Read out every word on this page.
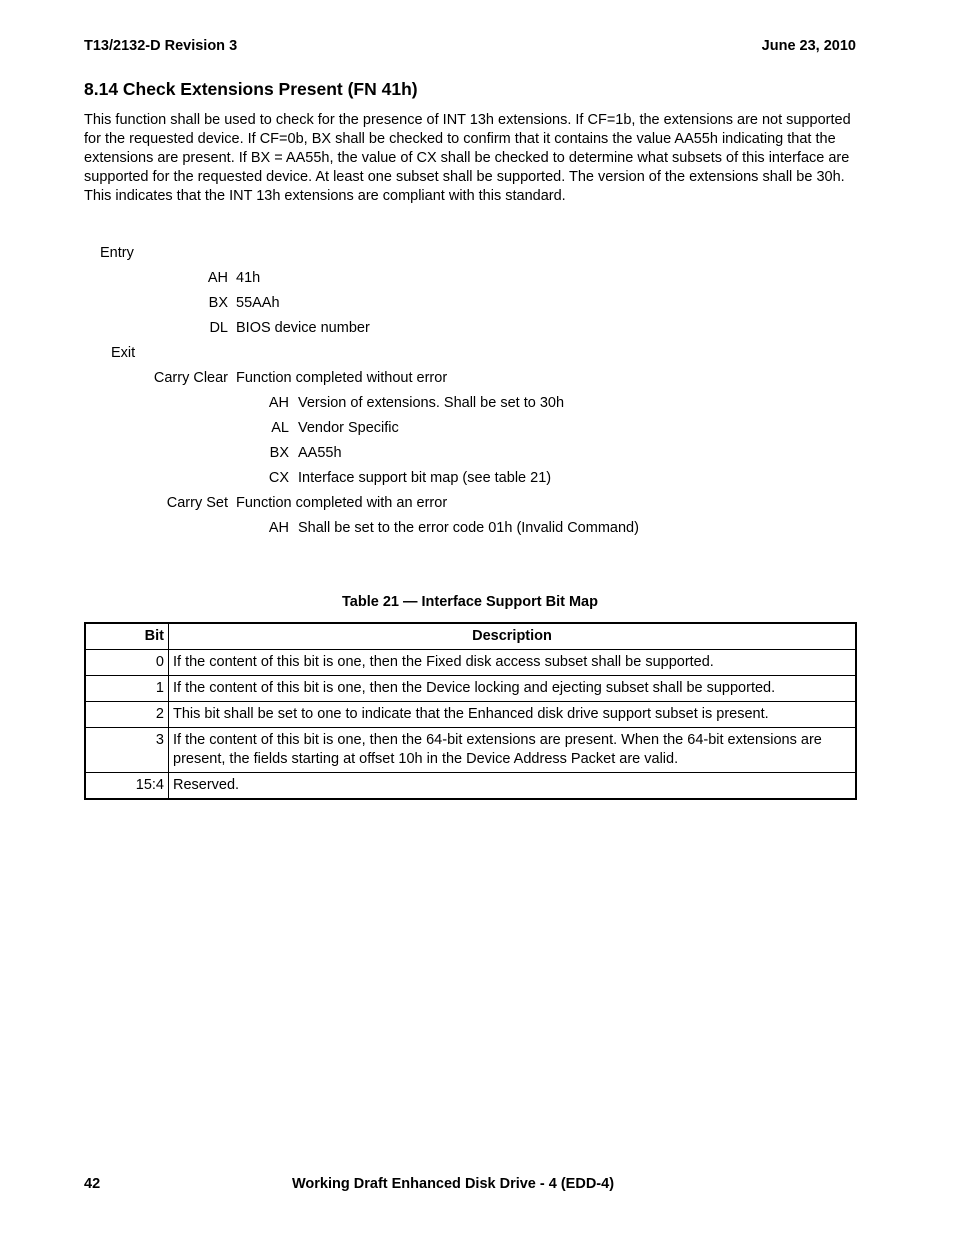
T13/2132-D Revision 3	June 23, 2010
8.14 Check Extensions Present (FN 41h)
This function shall be used to check for the presence of INT 13h extensions. If CF=1b, the extensions are not supported for the requested device. If CF=0b, BX shall be checked to confirm that it contains the value AA55h indicating that the extensions are present. If BX = AA55h, the value of CX shall be checked to determine what subsets of this interface are supported for the requested device. At least one subset shall be supported. The version of the extensions shall be 30h. This indicates that the INT 13h extensions are compliant with this standard.
Entry
AH 41h
BX 55AAh
DL BIOS device number
Exit
Carry Clear Function completed without error
AH Version of extensions. Shall be set to 30h
AL Vendor Specific
BX AA55h
CX Interface support bit map (see table 21)
Carry Set Function completed with an error
AH Shall be set to the error code 01h (Invalid Command)
Table 21 — Interface Support Bit Map
Bit	Description
0	If the content of this bit is one, then the Fixed disk access subset shall be supported.
1	If the content of this bit is one, then the Device locking and ejecting subset shall be supported.
2	This bit shall be set to one to indicate that the Enhanced disk drive support subset is present.
3	If the content of this bit is one, then the 64-bit extensions are present. When the 64-bit extensions are present, the fields starting at offset 10h in the Device Address Packet are valid.
15:4	Reserved.
42	Working Draft Enhanced Disk Drive - 4 (EDD-4)
